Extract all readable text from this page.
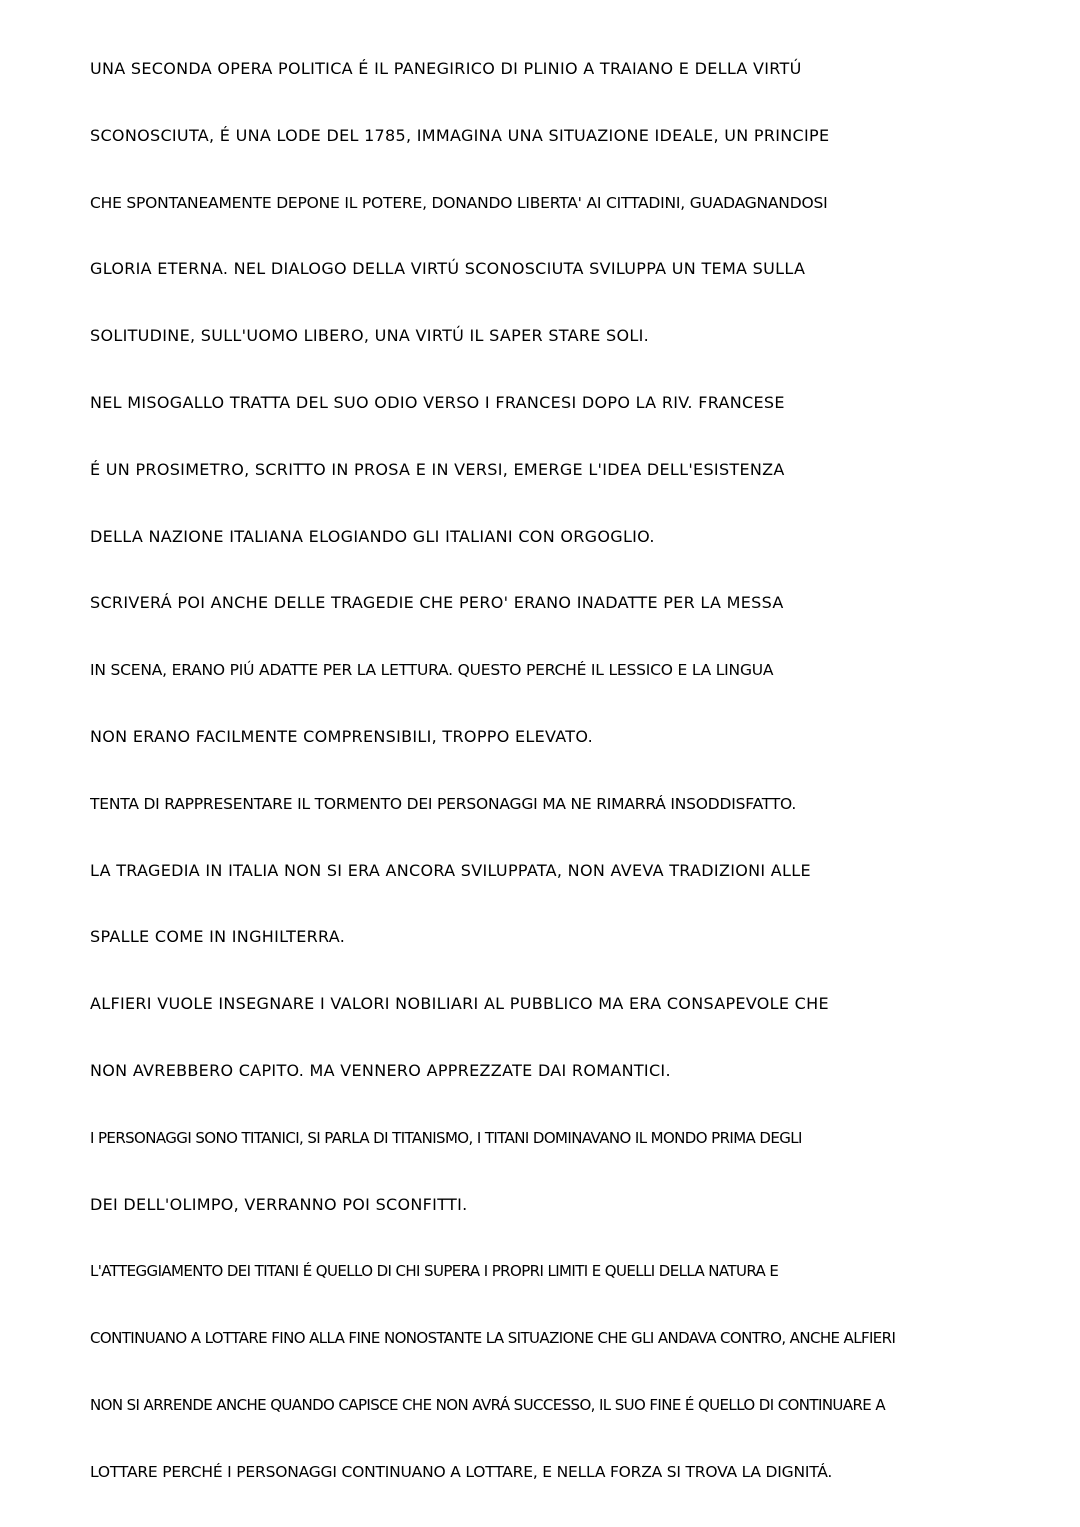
UNA SECONDA OPERA POLITICA É IL PANEGIRICO DI PLINIO A TRAIANO E DELLA VIRTÚ
SCONOSCIUTA, É UNA LODE DEL 1785, IMMAGINA UNA SITUAZIONE IDEALE, UN PRINCIPE
CHE SPONTANEAMENTE DEPONE IL POTERE, DONANDO LIBERTA' AI CITTADINI, GUADAGNANDOSI
GLORIA ETERNA. NEL DIALOGO DELLA VIRTÚ SCONOSCIUTA SVILUPPA UN TEMA SULLA
SOLITUDINE, SULL'UOMO LIBERO, UNA VIRTÚ IL SAPER STARE SOLI.
NEL MISOGALLO TRATTA DEL SUO ODIO VERSO I FRANCESI DOPO LA RIV. FRANCESE
É UN PROSIMETRO, SCRITTO IN PROSA E IN VERSI, EMERGE L'IDEA DELL'ESISTENZA
DELLA NAZIONE ITALIANA ELOGIANDO GLI ITALIANI CON ORGOGLIO.
SCRIVERÁ POI ANCHE DELLE TRAGEDIE CHE PERO' ERANO INADATTE PER LA MESSA
IN SCENA, ERANO PIÚ ADATTE PER LA LETTURA. QUESTO PERCHÉ IL LESSICO E LA LINGUA
NON ERANO FACILMENTE COMPRENSIBILI, TROPPO ELEVATO.
TENTA DI RAPPRESENTARE IL TORMENTO DEI PERSONAGGI MA NE RIMARRÁ INSODDISFATTO.
LA TRAGEDIA IN ITALIA NON SI ERA ANCORA SVILUPPATA, NON AVEVA TRADIZIONI ALLE
SPALLE COME IN INGHILTERRA.
ALFIERI VUOLE INSEGNARE I VALORI NOBILIARI AL PUBBLICO MA ERA CONSAPEVOLE CHE
NON AVREBBERO CAPITO. MA VENNERO APPREZZATE DAI ROMANTICI.
I PERSONAGGI SONO TITANICI, SI PARLA DI TITANISMO, I TITANI DOMINAVANO IL MONDO PRIMA DEGLI
DEI DELL'OLIMPO, VERRANNO POI SCONFITTI.
L'ATTEGGIAMENTO DEI TITANI É QUELLO DI CHI SUPERA I PROPRI LIMITI E QUELLI DELLA NATURA E
CONTINUANO A LOTTARE FINO ALLA FINE NONOSTANTE LA SITUAZIONE CHE GLI ANDAVA CONTRO, ANCHE ALFIERI
NON SI ARRENDE ANCHE QUANDO CAPISCE CHE NON AVRÁ SUCCESSO, IL SUO FINE É QUELLO DI CONTINUARE A
LOTTARE PERCHÉ I PERSONAGGI CONTINUANO A LOTTARE, E NELLA FORZA SI TROVA LA DIGNITÁ.
